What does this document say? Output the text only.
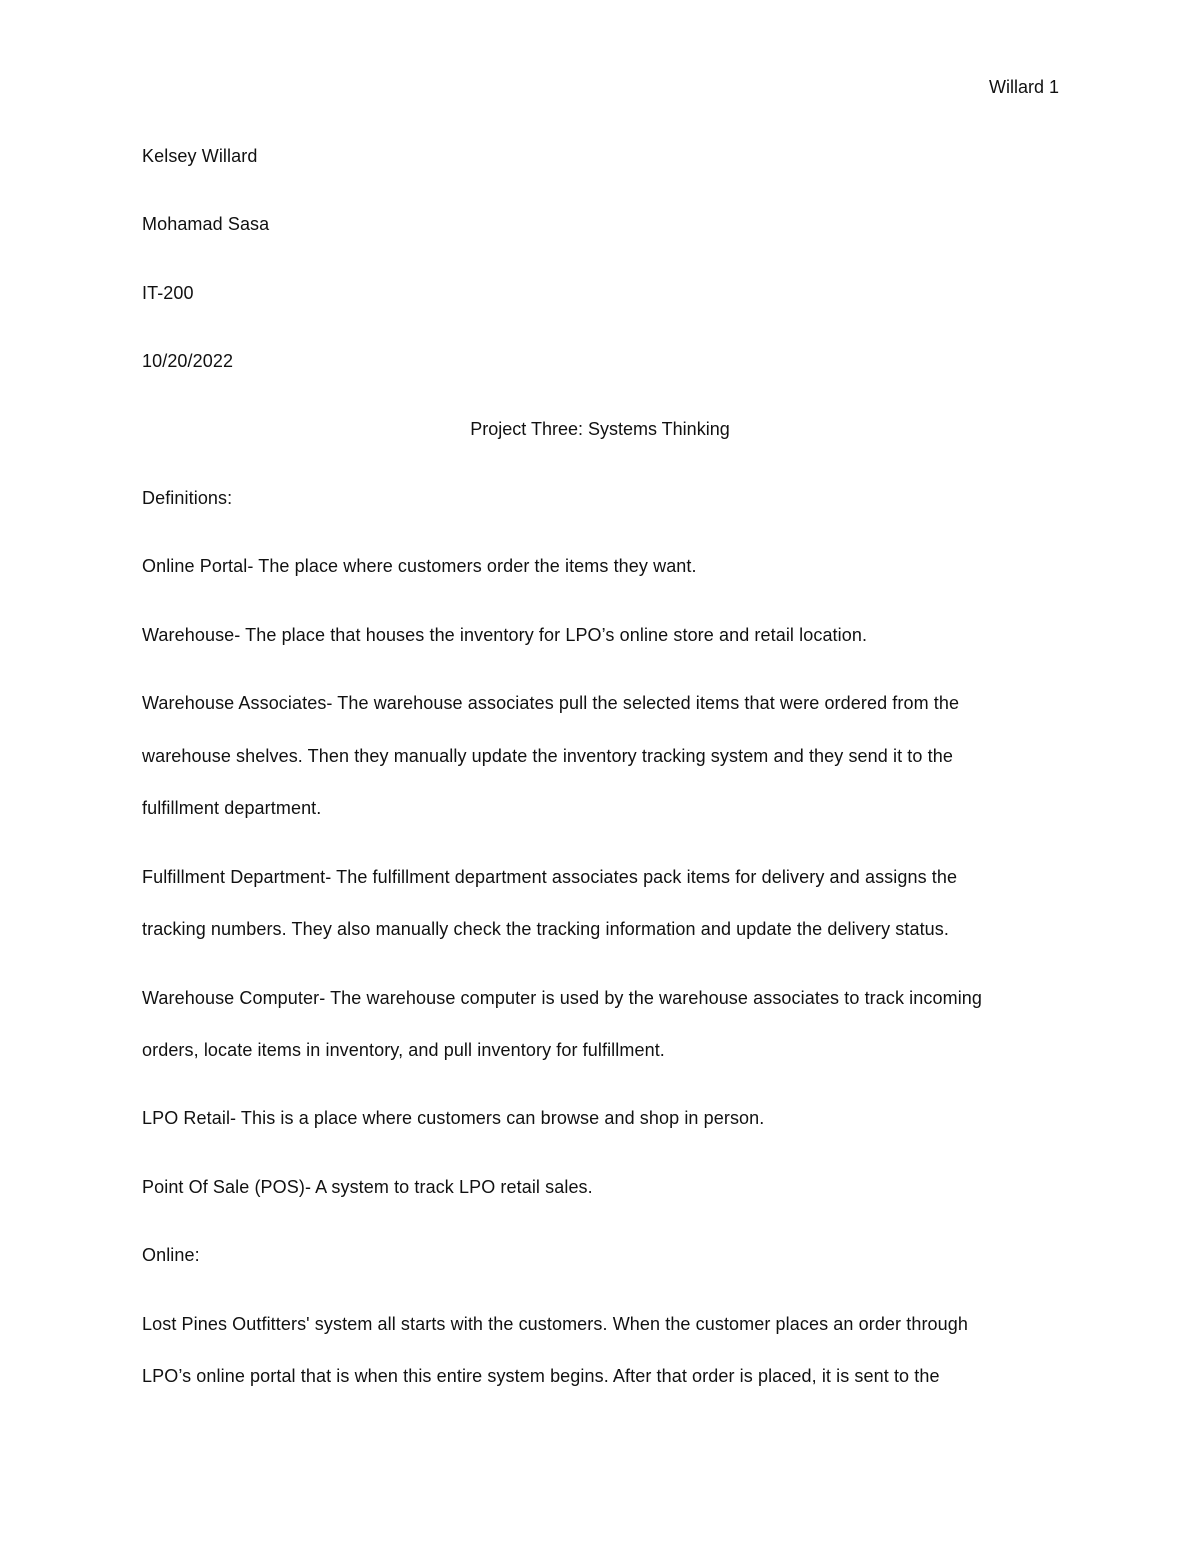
Willard 1
Kelsey Willard
Mohamad Sasa
IT-200
10/20/2022
Project Three: Systems Thinking
Definitions:
Online Portal- The place where customers order the items they want.
Warehouse- The place that houses the inventory for LPO’s online store and retail location.
Warehouse Associates- The warehouse associates pull the selected items that were ordered from the
warehouse shelves. Then they manually update the inventory tracking system and they send it to the
fulfillment department.
Fulfillment Department- The fulfillment department associates pack items for delivery and assigns the
tracking numbers. They also manually check the tracking information and update the delivery status.
Warehouse Computer- The warehouse computer is used by the warehouse associates to track incoming
orders, locate items in inventory, and pull inventory for fulfillment.
LPO Retail- This is a place where customers can browse and shop in person.
Point Of Sale (POS)- A system to track LPO retail sales.
Online:
Lost Pines Outfitters' system all starts with the customers. When the customer places an order through
LPO’s online portal that is when this entire system begins. After that order is placed, it is sent to the
